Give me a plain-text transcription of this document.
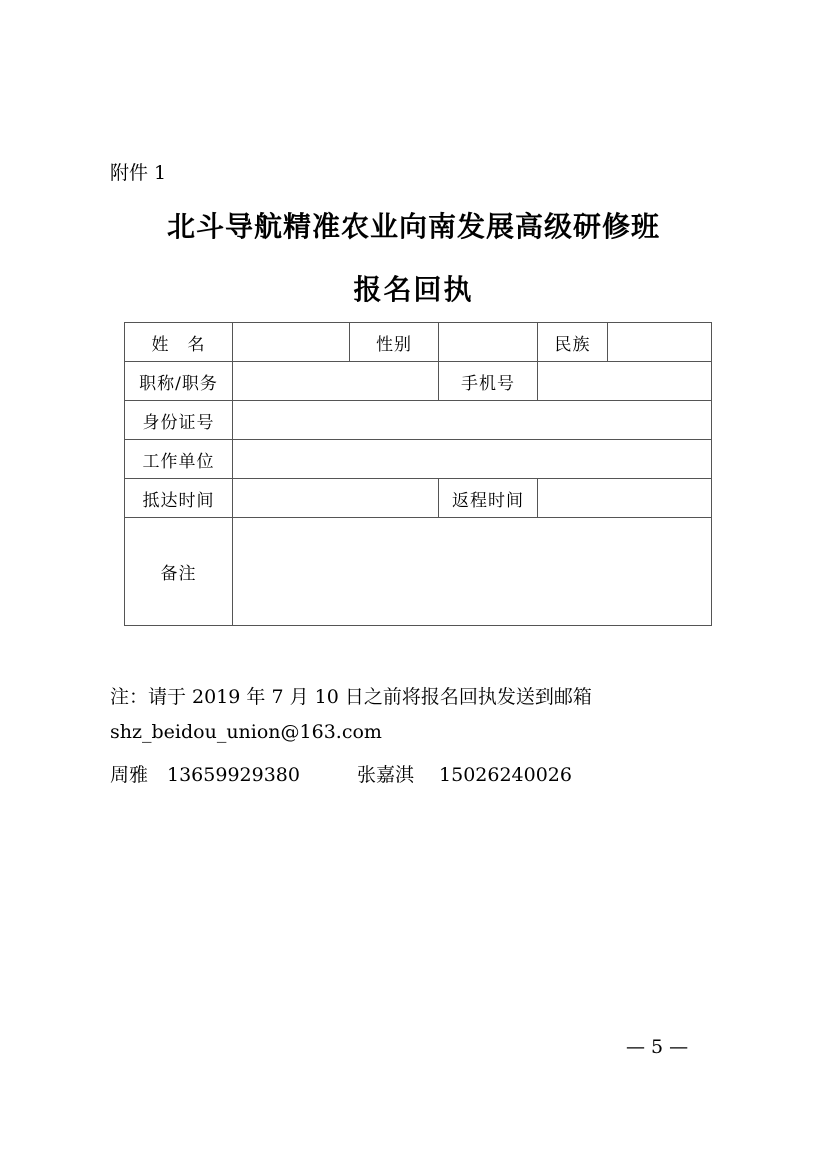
附件 1
北斗导航精准农业向南发展高级研修班
报名回执
姓　名		性别		民族	
职称/职务			手机号		
身份证号					
工作单位					
抵达时间			返程时间		
备注					
注：请于 2019 年 7 月 10 日之前将报名回执发送到邮箱
shz_beidou_union@163.com
周雅　13659929380　　　张嘉淇　 15026240026
— 5 —
